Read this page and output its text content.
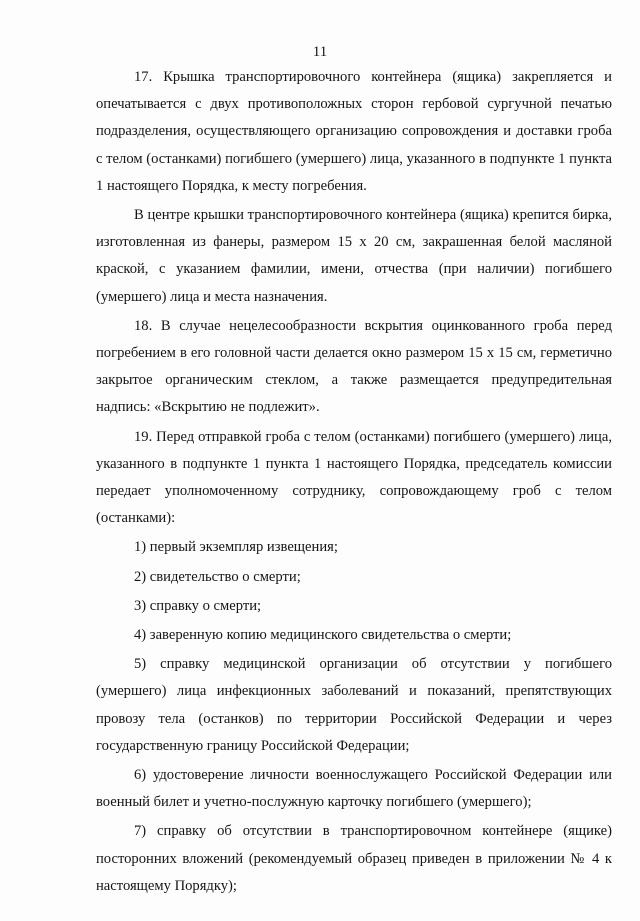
11

17. Крышка транспортировочного контейнера (ящика) закрепляется и опечатывается с двух противоположных сторон гербовой сургучной печатью подразделения, осуществляющего организацию сопровождения и доставки гроба с телом (останками) погибшего (умершего) лица, указанного в подпункте 1 пункта 1 настоящего Порядка, к месту погребения.

В центре крышки транспортировочного контейнера (ящика) крепится бирка, изготовленная из фанеры, размером 15 x 20 см, закрашенная белой масляной краской, с указанием фамилии, имени, отчества (при наличии) погибшего (умершего) лица и места назначения.

18. В случае нецелесообразности вскрытия оцинкованного гроба перед погребением в его головной части делается окно размером 15 x 15 см, герметично закрытое органическим стеклом, а также размещается предупредительная надпись: «Вскрытию не подлежит».

19. Перед отправкой гроба с телом (останками) погибшего (умершего) лица, указанного в подпункте 1 пункта 1 настоящего Порядка, председатель комиссии передает уполномоченному сотруднику, сопровождающему гроб с телом (останками):

1) первый экземпляр извещения;

2) свидетельство о смерти;

3) справку о смерти;

4) заверенную копию медицинского свидетельства о смерти;

5) справку медицинской организации об отсутствии у погибшего (умершего) лица инфекционных заболеваний и показаний, препятствующих провозу тела (останков) по территории Российской Федерации и через государственную границу Российской Федерации;

6) удостоверение личности военнослужащего Российской Федерации или военный билет и учетно-послужную карточку погибшего (умершего);

7) справку об отсутствии в транспортировочном контейнере (ящике) посторонних вложений (рекомендуемый образец приведен в приложении № 4 к настоящему Порядку);
